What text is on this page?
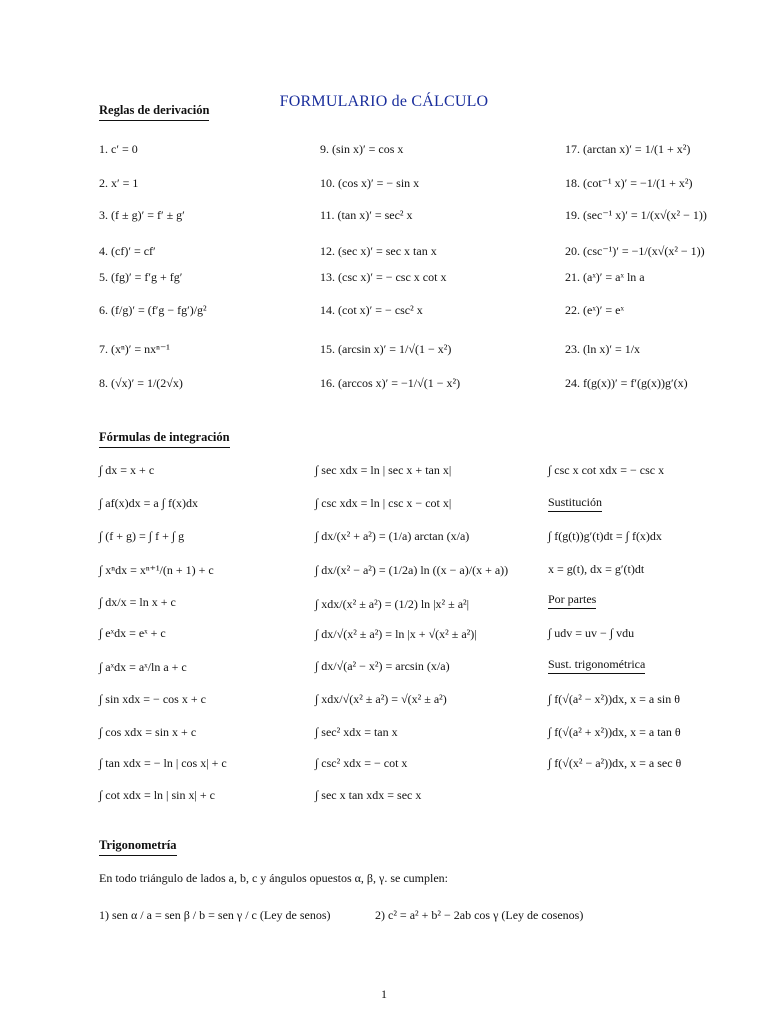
FORMULARIO de CÁLCULO
Reglas de derivación
1. c′ = 0
2. x′ = 1
3. (f ± g)′ = f′ ± g′
4. (cf)′ = cf′
5. (fg)′ = f′g + fg′
6. (f/g)′ = (f′g − fg′)/g²
7. (xⁿ)′ = nxⁿ⁻¹
8. (√x)′ = 1/(2√x)
9. (sin x)′ = cos x
10. (cos x)′ = − sin x
11. (tan x)′ = sec² x
12. (sec x)′ = sec x tan x
13. (csc x)′ = − csc x cot x
14. (cot x)′ = − csc² x
15. (arcsin x)′ = 1/√(1 − x²)
16. (arccos x)′ = −1/√(1 − x²)
17. (arctan x)′ = 1/(1 + x²)
18. (cot⁻¹ x)′ = −1/(1 + x²)
19. (sec⁻¹ x)′ = 1/(x√(x² − 1))
20. (csc⁻¹)′ = −1/(x√(x² − 1))
21. (aˣ)′ = aˣ ln a
22. (eˣ)′ = eˣ
23. (ln x)′ = 1/x
24. f(g(x))′ = f′(g(x))g′(x)
Fórmulas de integración
∫ dx = x + c
∫ af(x)dx = a ∫ f(x)dx
∫ (f + g) = ∫ f + ∫ g
∫ xⁿdx = xⁿ⁺¹/(n + 1) + c
∫ dx/x = ln x + c
∫ eˣdx = eˣ + c
∫ aˣdx = aˣ/ln a + c
∫ sin xdx = − cos x + c
∫ cos xdx = sin x + c
∫ tan xdx = − ln | cos x| + c
∫ cot xdx = ln | sin x| + c
∫ sec xdx = ln | sec x + tan x|
∫ csc xdx = ln | csc x − cot x|
∫ dx/(x² + a²) = (1/a) arctan (x/a)
∫ dx/(x² − a²) = (1/2a) ln ((x − a)/(x + a))
∫ xdx/(x² ± a²) = (1/2) ln |x² ± a²|
∫ dx/√(x² ± a²) = ln |x + √(x² ± a²)|
∫ dx/√(a² − x²) = arcsin (x/a)
∫ xdx/√(x² ± a²) = √(x² ± a²)
∫ sec² xdx = tan x
∫ csc² xdx = − cot x
∫ sec x tan xdx = sec x
∫ csc x cot xdx = − csc x
Sustitución
∫ f(g(t))g′(t)dt = ∫ f(x)dx
x = g(t), dx = g′(t)dt
Por partes
∫ udv = uv − ∫ vdu
Sust. trigonométrica
∫ f(√(a² − x²))dx, x = a sin θ
∫ f(√(a² + x²))dx, x = a tan θ
∫ f(√(x² − a²))dx, x = a sec θ
Trigonometría
En todo triángulo de lados a, b, c y ángulos opuestos α, β, γ. se cumplen:
1) sen α / a = sen β / b = sen γ / c (Ley de senos)	2) c² = a² + b² − 2ab cos γ (Ley de cosenos)
1
